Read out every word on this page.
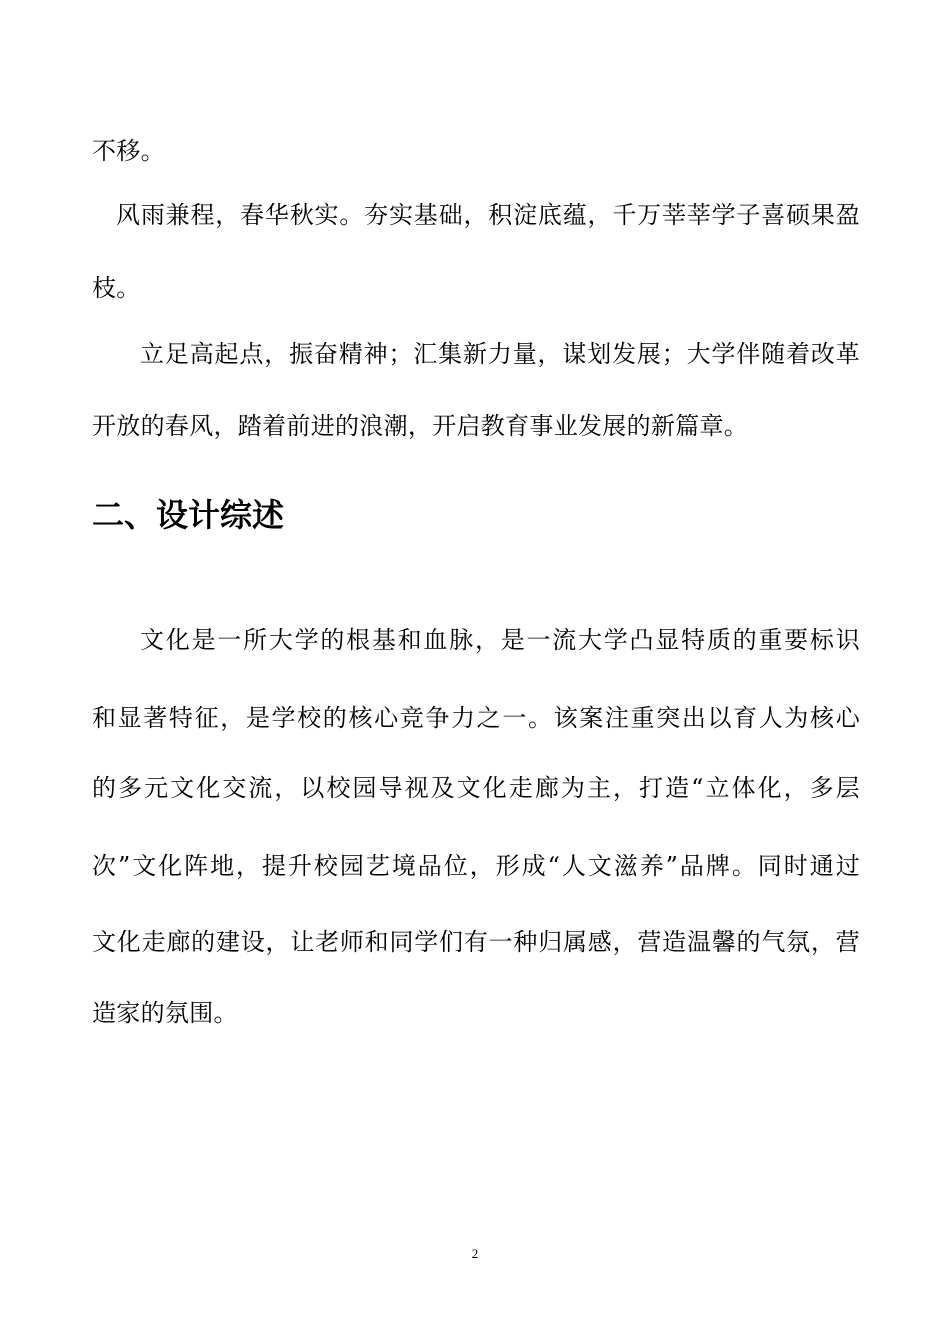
不移。
风雨兼程，春华秋实。夯实基础，积淀底蕴，千万莘莘学子喜硕果盈
枝。
立足高起点，振奋精神；汇集新力量，谋划发展；大学伴随着改革
开放的春风，踏着前进的浪潮，开启教育事业发展的新篇章。
二、设计综述
文化是一所大学的根基和血脉，是一流大学凸显特质的重要标识
和显著特征，是学校的核心竞争力之一。该案注重突出以育人为核心
的多元文化交流，以校园导视及文化走廊为主，打造“立体化，多层
次”文化阵地，提升校园艺境品位，形成“人文滋养”品牌。同时通过
文化走廊的建设，让老师和同学们有一种归属感，营造温馨的气氛，营
造家的氛围。
2
